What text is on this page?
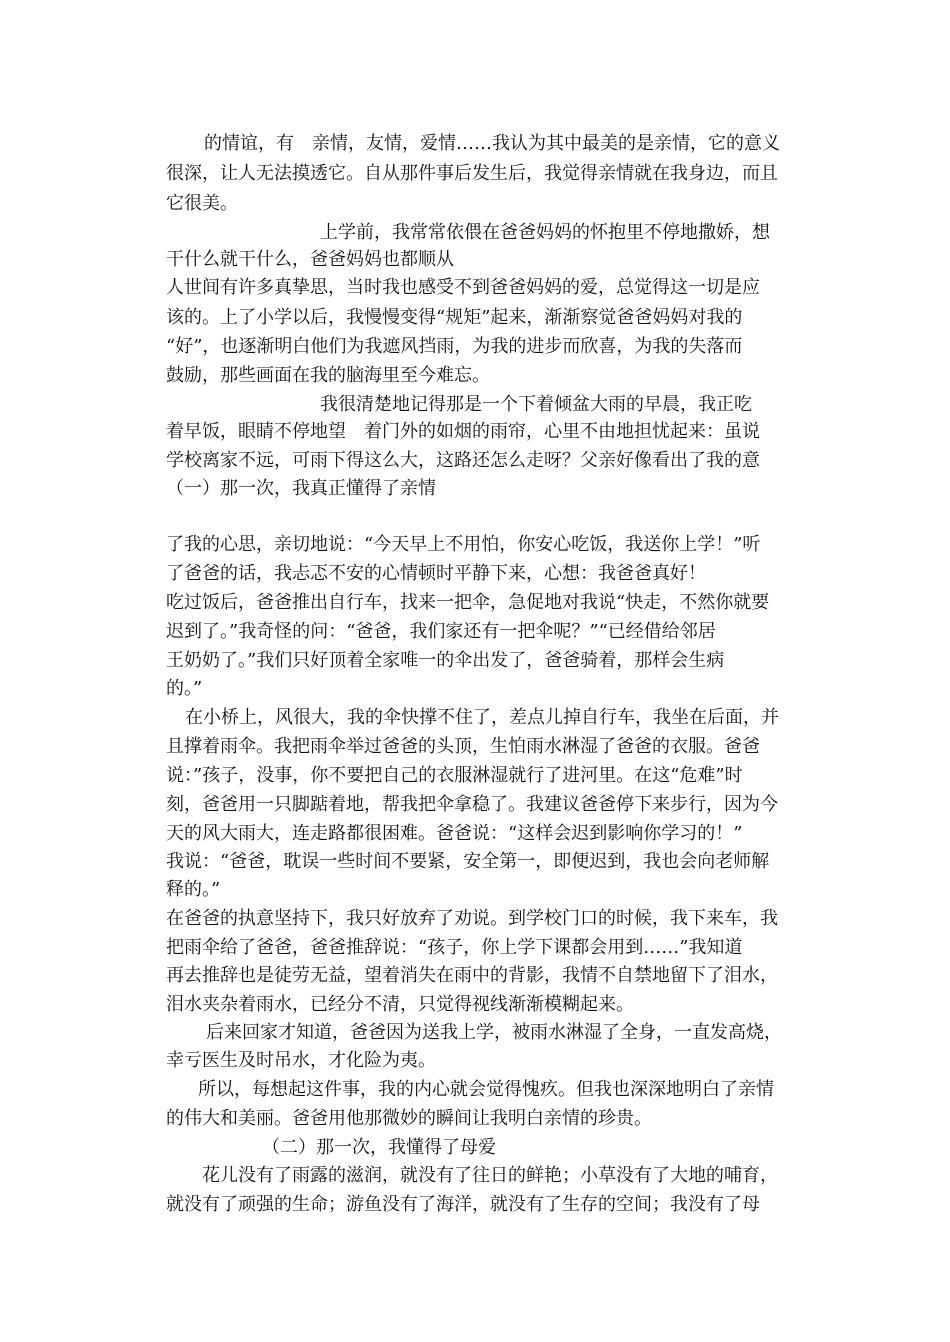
的情谊，有　亲情，友情，爱情……我认为其中最美的是亲情，它的意义
很深，让人无法摸透它。自从那件事后发生后，我觉得亲情就在我身边，而且
它很美。
上学前，我常常依偎在爸爸妈妈的怀抱里不停地撒娇，想
干什么就干什么，爸爸妈妈也都顺从
人世间有许多真挚思，当时我也感受不到爸爸妈妈的爱，总觉得这一切是应
该的。上了小学以后，我慢慢变得“规矩”起来，渐渐察觉爸爸妈妈对我的
“好”，也逐渐明白他们为我遮风挡雨，为我的进步而欣喜，为我的失落而
鼓励，那些画面在我的脑海里至今难忘。
我很清楚地记得那是一个下着倾盆大雨的早晨，我正吃
着早饭，眼睛不停地望　着门外的如烟的雨帘，心里不由地担忧起来：虽说
学校离家不远，可雨下得这么大，这路还怎么走呀？父亲好像看出了我的意
（一）那一次，我真正懂得了亲情
了我的心思，亲切地说：“今天早上不用怕，你安心吃饭，我送你上学！”听
了爸爸的话，我忐忑不安的心情顿时平静下来，心想：我爸爸真好！
吃过饭后，爸爸推出自行车，找来一把伞，急促地对我说“快走，不然你就要
迟到了。”我奇怪的问：“爸爸，我们家还有一把伞呢？”“已经借给邻居
王奶奶了。”我们只好顶着全家唯一的伞出发了，爸爸骑着，那样会生病
的。”
在小桥上，风很大，我的伞快撑不住了，差点儿掉自行车，我坐在后面，并
且撑着雨伞。我把雨伞举过爸爸的头顶，生怕雨水淋湿了爸爸的衣服。爸爸
说：”孩子，没事，你不要把自己的衣服淋湿就行了进河里。在这“危难”时
刻，爸爸用一只脚踮着地，帮我把伞拿稳了。我建议爸爸停下来步行，因为今
天的风大雨大，连走路都很困难。爸爸说：“这样会迟到影响你学习的！”
我说：“爸爸，耽误一些时间不要紧，安全第一，即便迟到，我也会向老师解
释的。”
在爸爸的执意坚持下，我只好放弃了劝说。到学校门口的时候，我下来车，我
把雨伞给了爸爸，爸爸推辞说：“孩子，你上学下课都会用到……”我知道
再去推辞也是徒劳无益，望着消失在雨中的背影，我情不自禁地留下了泪水，
泪水夹杂着雨水，已经分不清，只觉得视线渐渐模糊起来。
后来回家才知道，爸爸因为送我上学，被雨水淋湿了全身，一直发高烧，
幸亏医生及时吊水，才化险为夷。
所以，每想起这件事，我的内心就会觉得愧疚。但我也深深地明白了亲情
的伟大和美丽。爸爸用他那微妙的瞬间让我明白亲情的珍贵。
（二）那一次，我懂得了母爱
花儿没有了雨露的滋润，就没有了往日的鲜艳；小草没有了大地的哺育，
就没有了顽强的生命；游鱼没有了海洋，就没有了生存的空间；我没有了母
